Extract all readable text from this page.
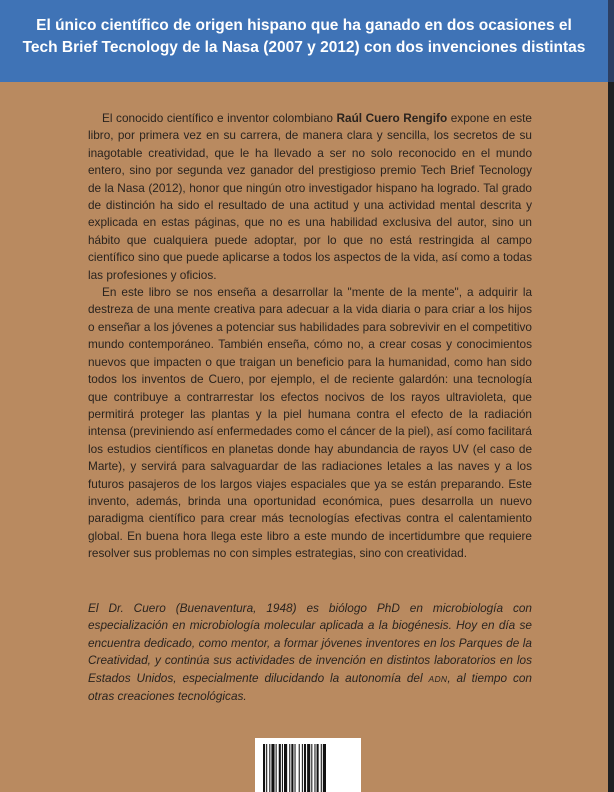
El único científico de origen hispano que ha ganado en dos ocasiones el
Tech Brief Tecnology de la Nasa (2007 y 2012) con dos invenciones distintas

El conocido científico e inventor colombiano Raúl Cuero Rengifo expone en este libro, por primera vez en su carrera, de manera clara y sencilla, los secretos de su inagotable creatividad, que le ha llevado a ser no solo reconocido en el mundo entero, sino por segunda vez ganador del prestigioso premio Tech Brief Tecnology de la Nasa (2012), honor que ningún otro investigador hispano ha logrado. Tal grado de distinción ha sido el resultado de una actitud y una actividad mental descrita y explicada en estas páginas, que no es una habilidad exclusiva del autor, sino un hábito que cualquiera puede adoptar, por lo que no está restringida al campo científico sino que puede aplicarse a todos los aspectos de la vida, así como a todas las profesiones y oficios.

En este libro se nos enseña a desarrollar la "mente de la mente", a adquirir la destreza de una mente creativa para adecuar a la vida diaria o para criar a los hijos o enseñar a los jóvenes a potenciar sus habilidades para sobrevivir en el competitivo mundo contemporáneo. También enseña, cómo no, a crear cosas y conocimientos nuevos que impacten o que traigan un beneficio para la humanidad, como han sido todos los inventos de Cuero, por ejemplo, el de reciente galardón: una tecnología que contribuye a contrarrestar los efectos nocivos de los rayos ultravioleta, que permitirá proteger las plantas y la piel humana contra el efecto de la radiación intensa (previniendo así enfermedades como el cáncer de la piel), así como facilitará los estudios científicos en planetas donde hay abundancia de rayos UV (el caso de Marte), y servirá para salvaguardar de las radiaciones letales a las naves y a los futuros pasajeros de los largos viajes espaciales que ya se están preparando. Este invento, además, brinda una oportunidad económica, pues desarrolla un nuevo paradigma científico para crear más tecnologías efectivas contra el calentamiento global. En buena hora llega este libro a este mundo de incertidumbre que requiere resolver sus problemas no con simples estrategias, sino con creatividad.

El Dr. Cuero (Buenaventura, 1948) es biólogo PhD en microbiología con especialización en microbiología molecular aplicada a la biogénesis. Hoy en día se encuentra dedicado, como mentor, a formar jóvenes inventores en los Parques de la Creatividad, y continúa sus actividades de invención en distintos laboratorios en los Estados Unidos, especialmente dilucidando la autonomía del ADN, al tiempo con otras creaciones tecnológicas.
